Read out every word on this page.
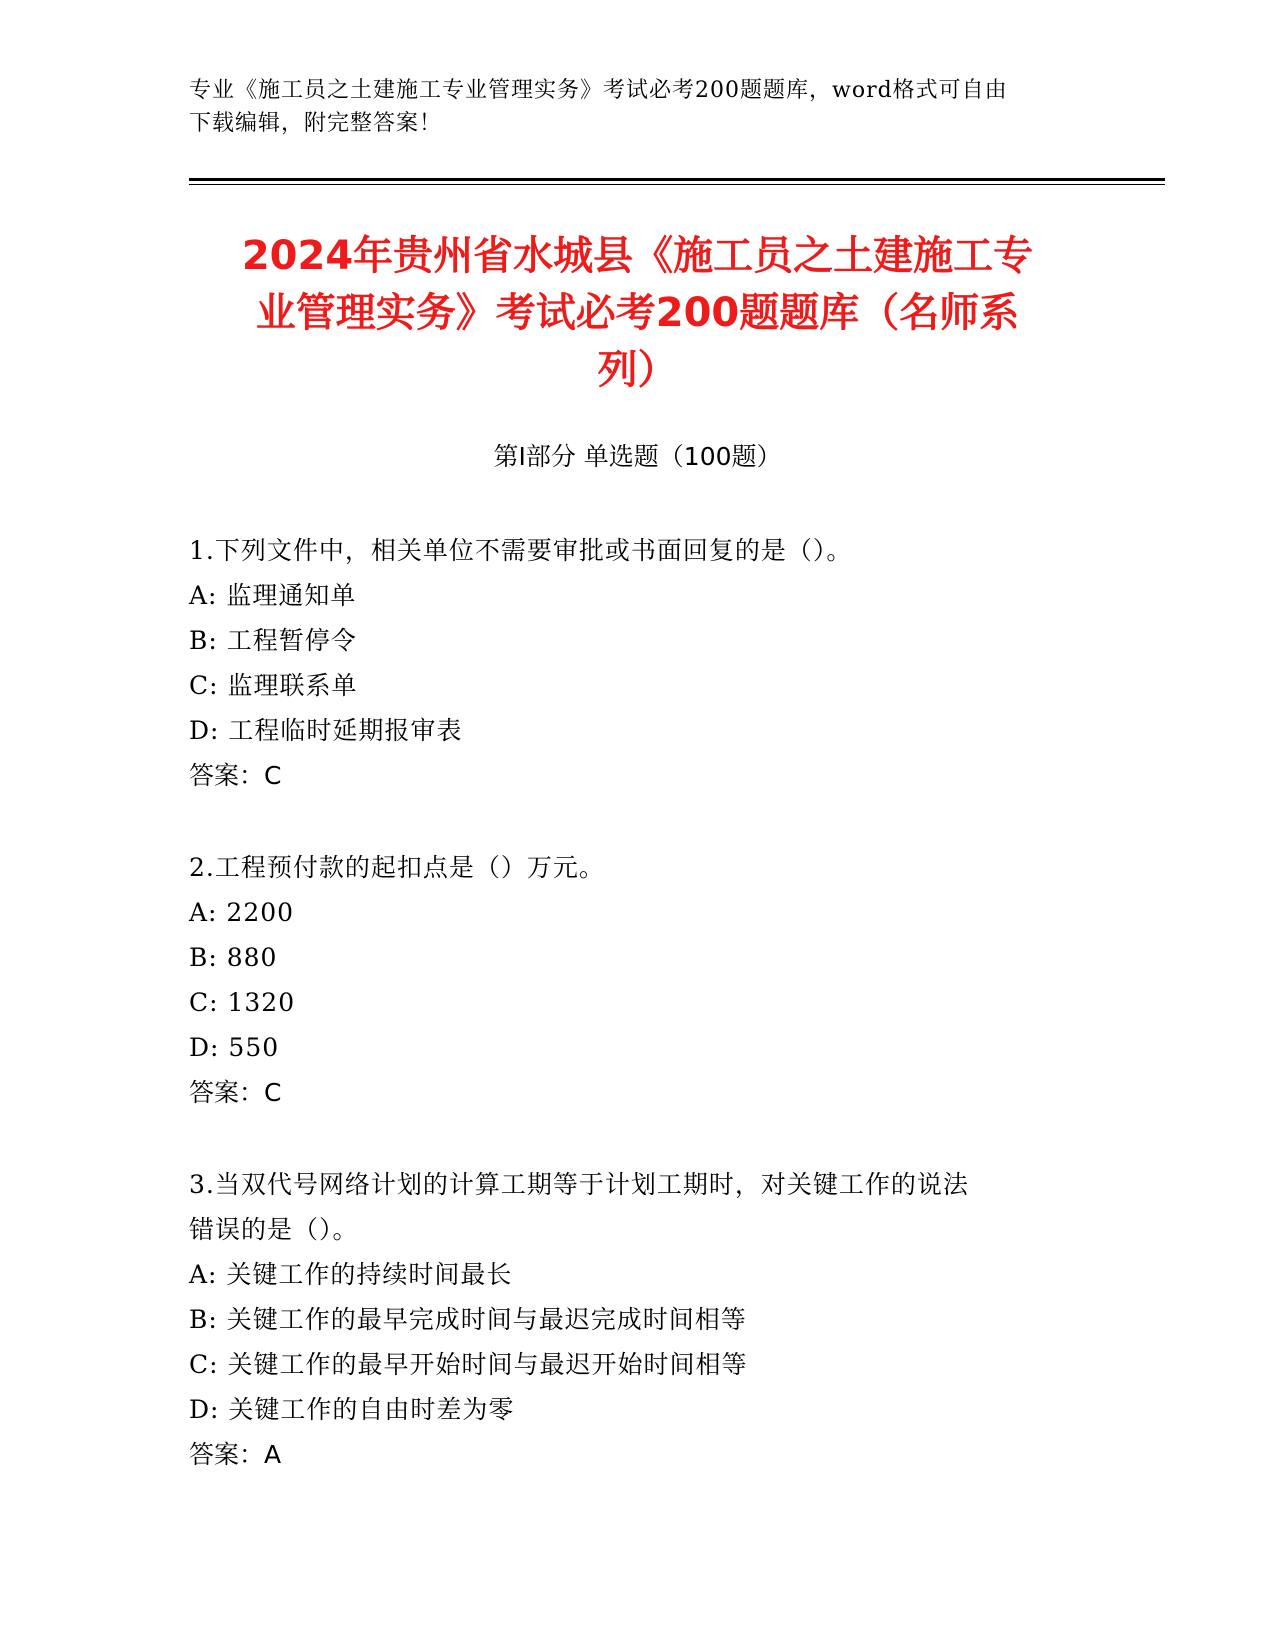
专业《施工员之土建施工专业管理实务》考试必考200题题库，word格式可自由
下载编辑，附完整答案！
2024年贵州省水城县《施工员之土建施工专
业管理实务》考试必考200题题库（名师系
列）
第Ⅰ部分 单选题（100题）
1.下列文件中，相关单位不需要审批或书面回复的是（）。
A: 监理通知单
B: 工程暂停令
C: 监理联系单
D: 工程临时延期报审表
答案：C
2.工程预付款的起扣点是（）万元。
A: 2200
B: 880
C: 1320
D: 550
答案：C
3.当双代号网络计划的计算工期等于计划工期时，对关键工作的说法
错误的是（）。
A: 关键工作的持续时间最长
B: 关键工作的最早完成时间与最迟完成时间相等
C: 关键工作的最早开始时间与最迟开始时间相等
D: 关键工作的自由时差为零
答案：A
